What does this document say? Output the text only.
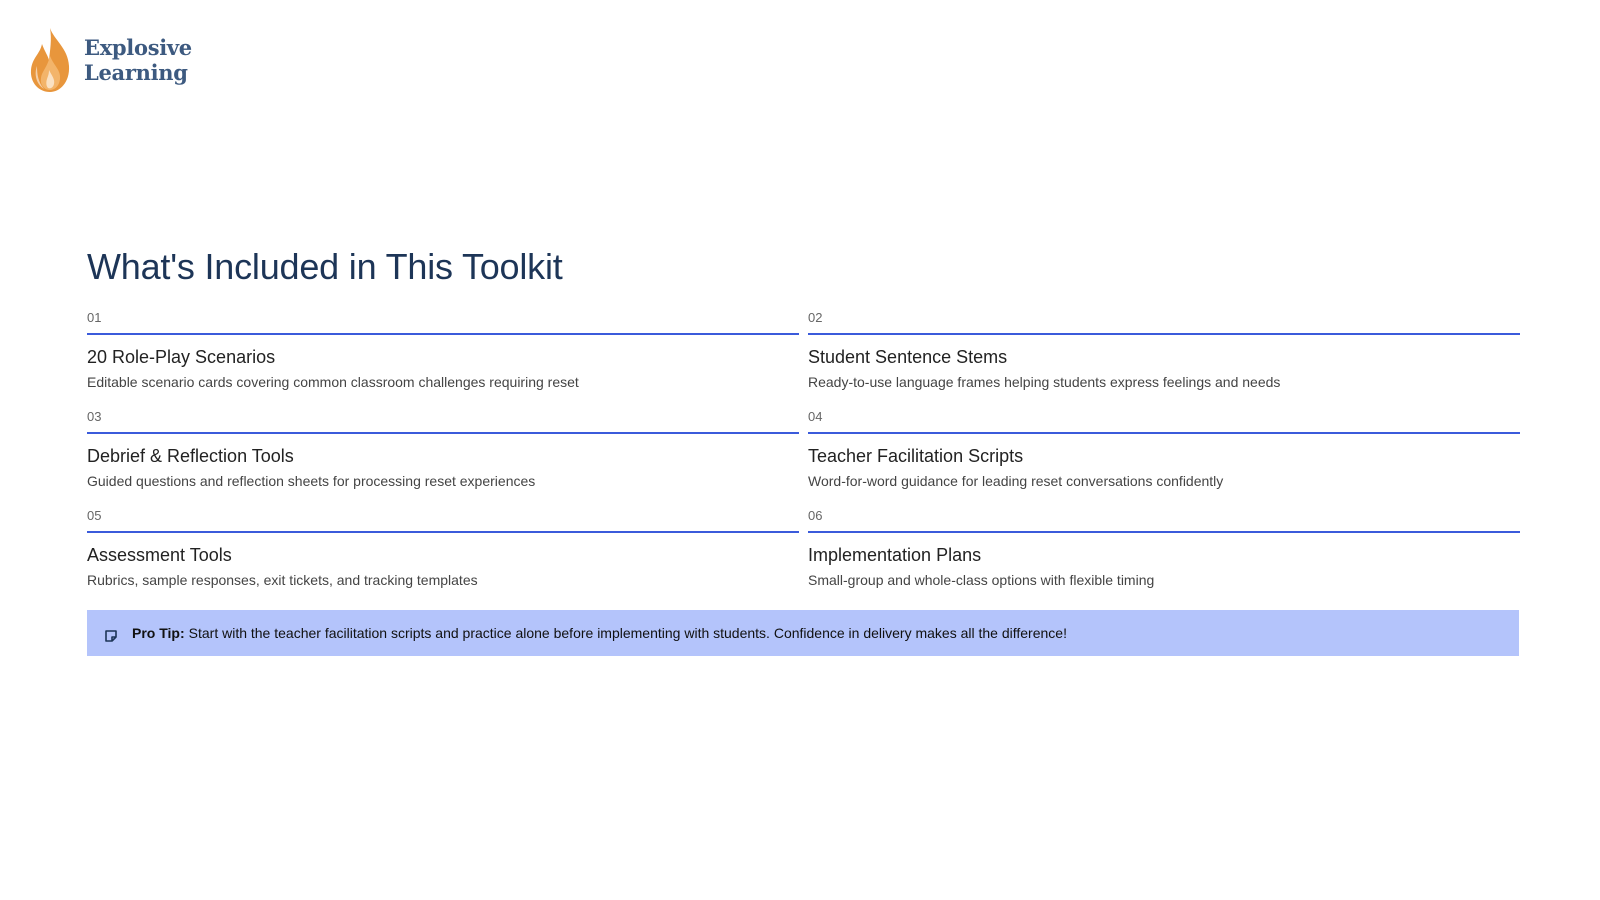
Explosive
Learning
What's Included in This Toolkit
01
20 Role-Play Scenarios
Editable scenario cards covering common classroom challenges requiring reset
02
Student Sentence Stems
Ready-to-use language frames helping students express feelings and needs
03
Debrief & Reflection Tools
Guided questions and reflection sheets for processing reset experiences
04
Teacher Facilitation Scripts
Word-for-word guidance for leading reset conversations confidently
05
Assessment Tools
Rubrics, sample responses, exit tickets, and tracking templates
06
Implementation Plans
Small-group and whole-class options with flexible timing
Pro Tip: Start with the teacher facilitation scripts and practice alone before implementing with students. Confidence in delivery makes all the difference!
